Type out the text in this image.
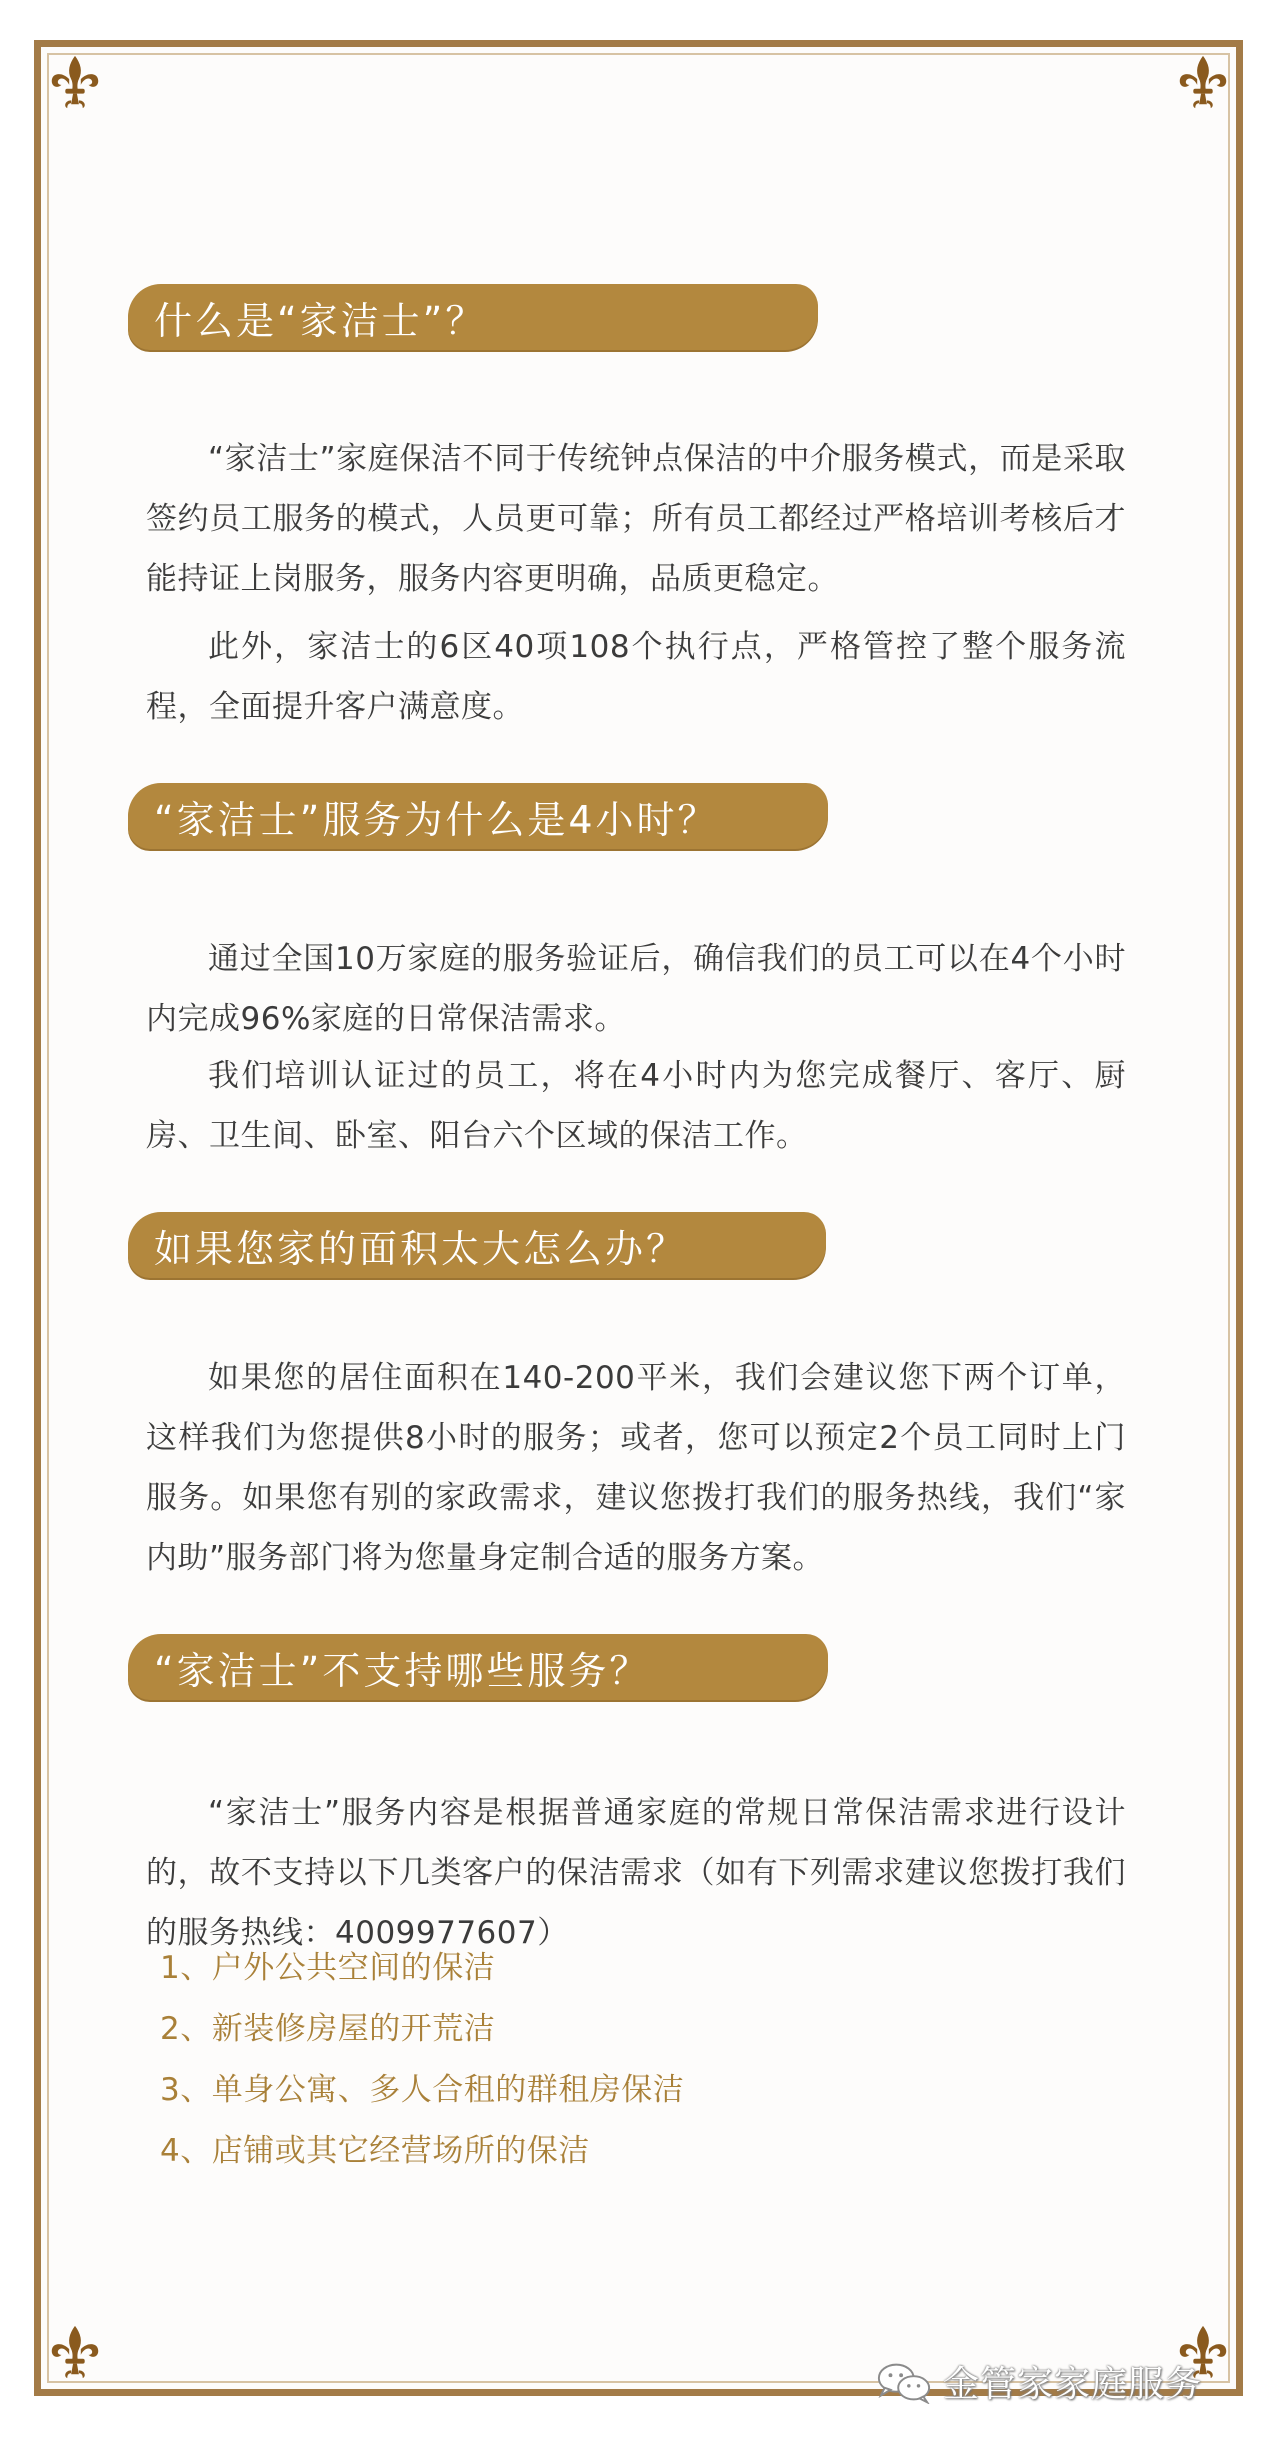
什么是“家洁士”？

“家洁士”家庭保洁不同于传统钟点保洁的中介服务模式，而是采取签约员工服务的模式，人员更可靠；所有员工都经过严格培训考核后才能持证上岗服务，服务内容更明确，品质更稳定。

此外，家洁士的6区40项108个执行点，严格管控了整个服务流程，全面提升客户满意度。

“家洁士”服务为什么是4小时？

通过全国10万家庭的服务验证后，确信我们的员工可以在4个小时内完成96%家庭的日常保洁需求。

我们培训认证过的员工，将在4小时内为您完成餐厅、客厅、厨房、卫生间、卧室、阳台六个区域的保洁工作。

如果您家的面积太大怎么办？

如果您的居住面积在140-200平米，我们会建议您下两个订单，这样我们为您提供8小时的服务；或者，您可以预定2个员工同时上门服务。如果您有别的家政需求，建议您拨打我们的服务热线，我们“家内助”服务部门将为您量身定制合适的服务方案。

“家洁士”不支持哪些服务？

“家洁士”服务内容是根据普通家庭的常规日常保洁需求进行设计的，故不支持以下几类客户的保洁需求（如有下列需求建议您拨打我们的服务热线：4009977607）

1、户外公共空间的保洁
2、新装修房屋的开荒洁
3、单身公寓、多人合租的群租房保洁
4、店铺或其它经营场所的保洁
金管家家庭服务
